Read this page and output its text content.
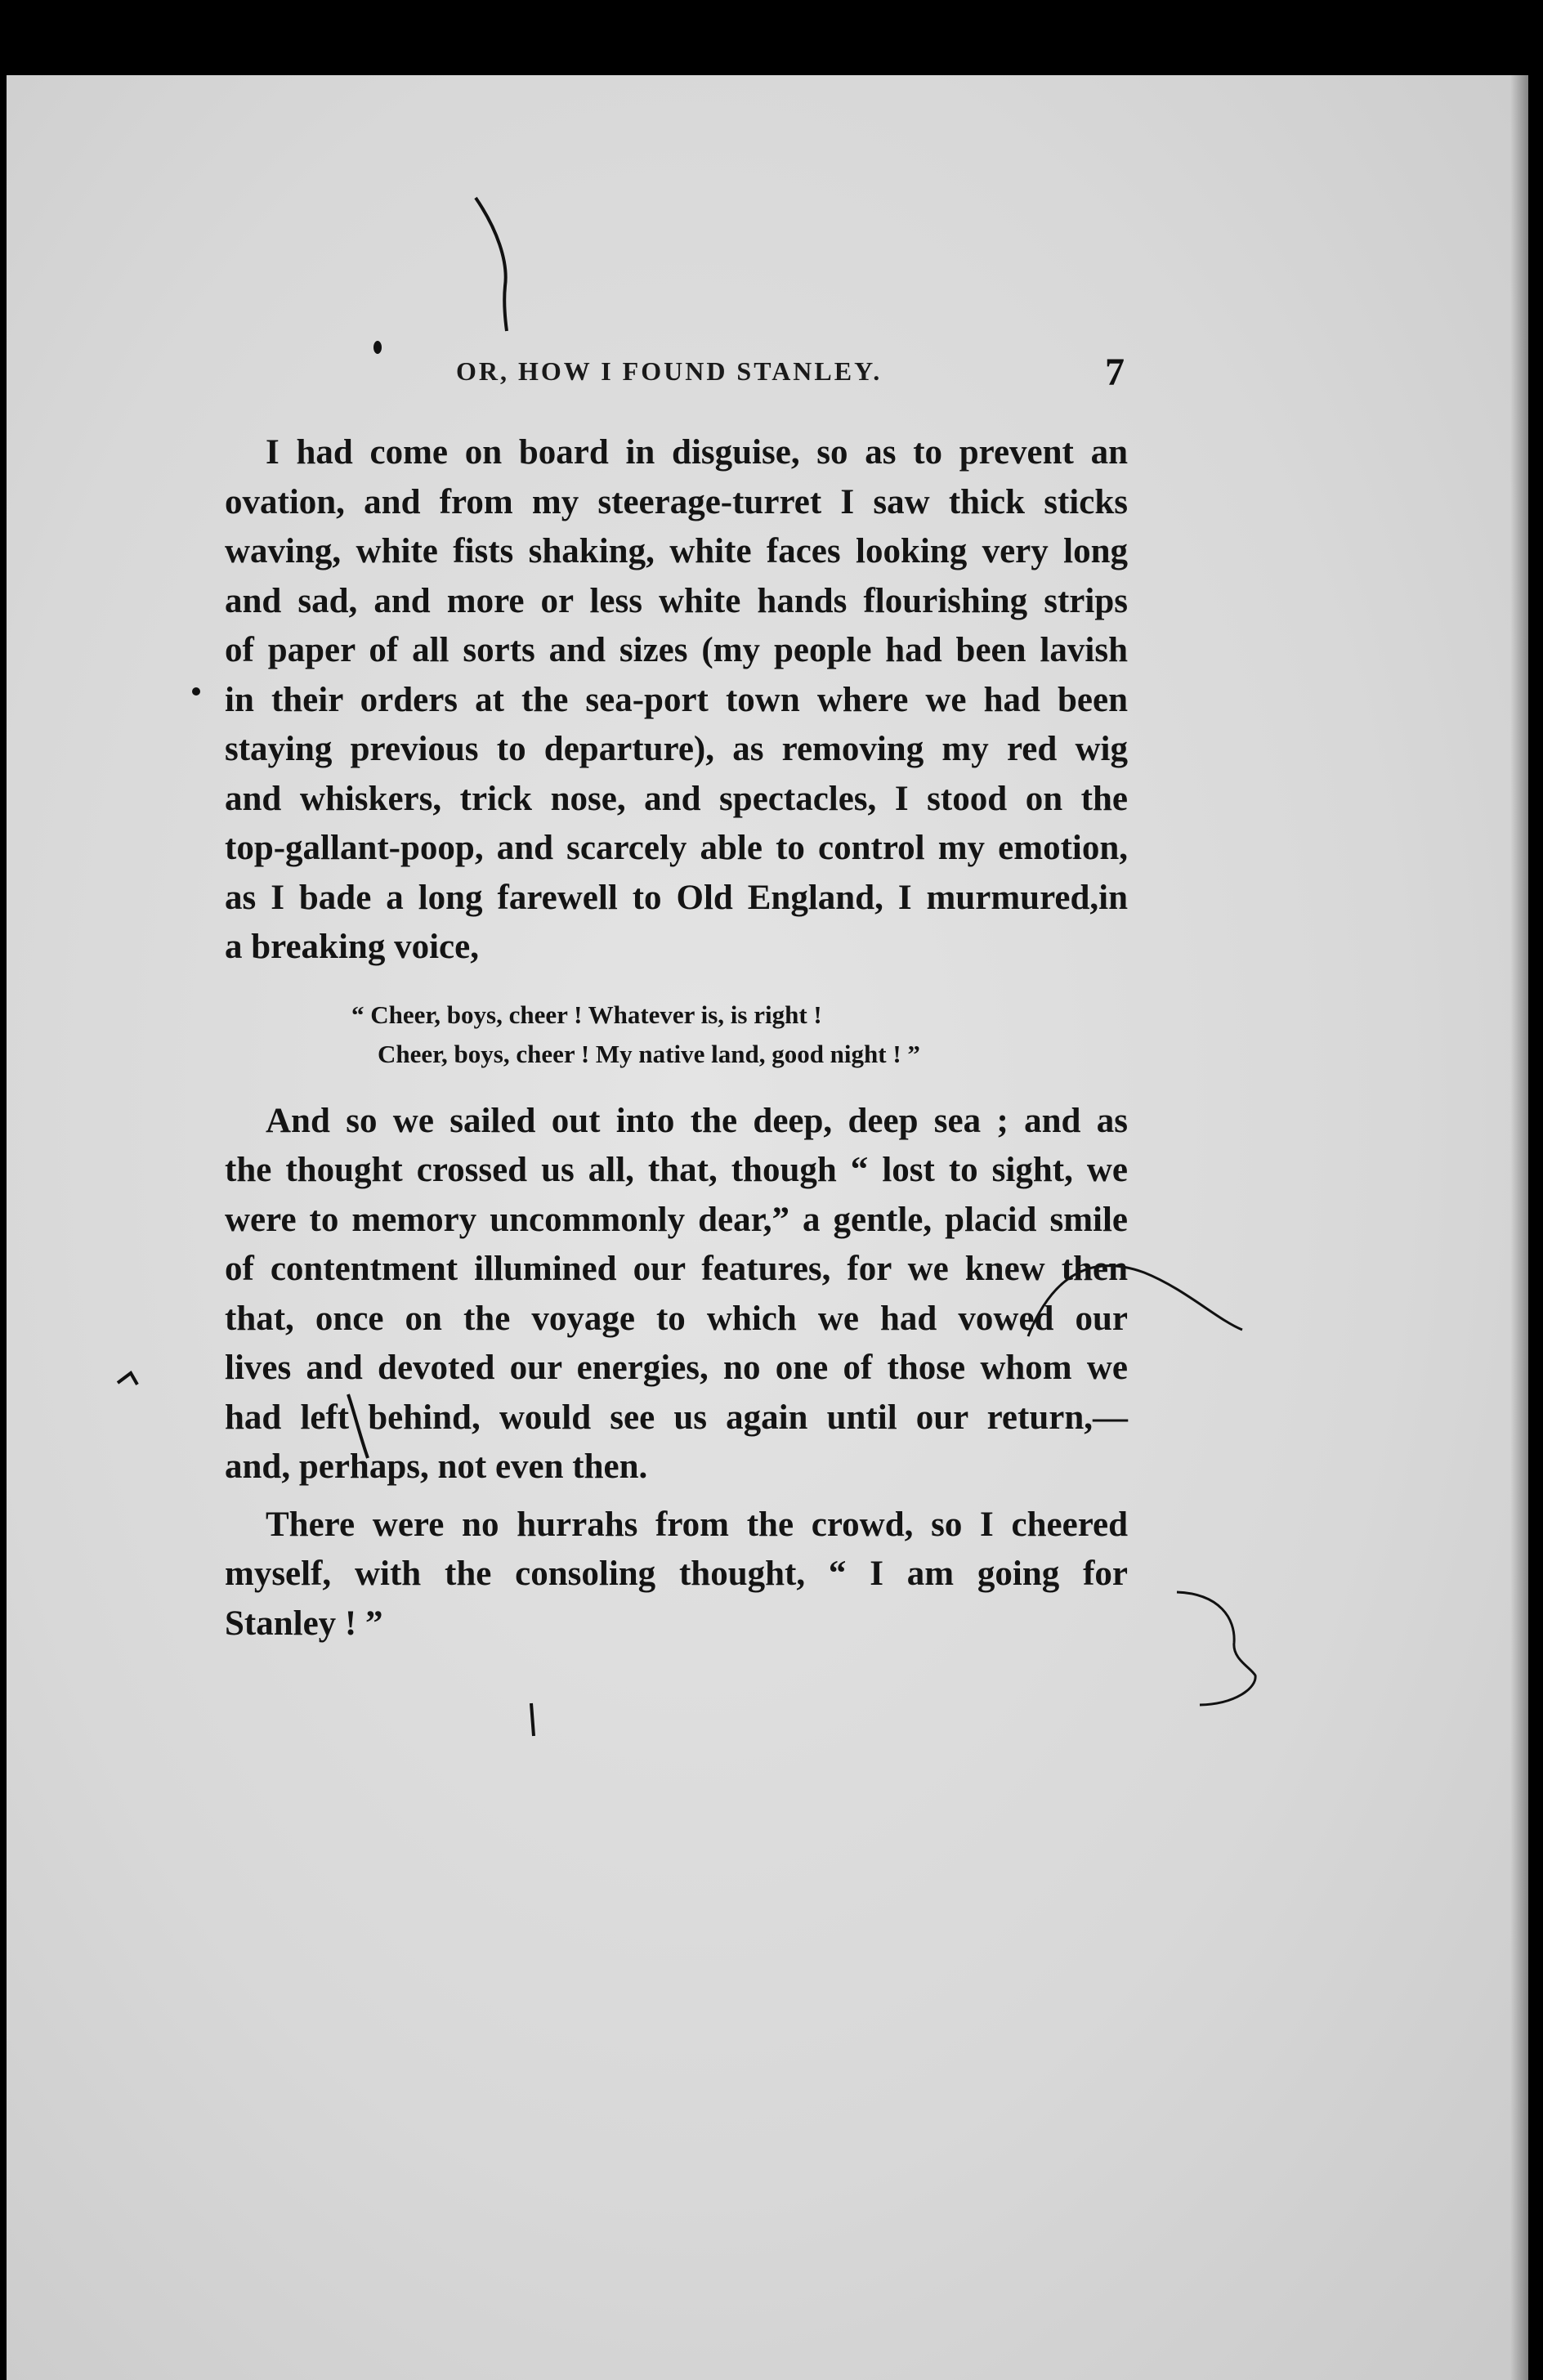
OR, HOW I FOUND STANLEY.	7

I had come on board in disguise, so as to prevent an
ovation, and from my steerage-turret I saw thick sticks
waving, white fists shaking, white faces looking very long
and sad, and more or less white hands flourishing strips
of paper of all sorts and sizes (my people had been lavish
in their orders at the sea-port town where we had been
staying previous to departure), as removing my red wig
and whiskers, trick nose, and spectacles, I stood on the
top-gallant-poop, and scarcely able to control my emotion,
as I bade a long farewell to Old England, I murmured,in
a breaking voice,

“ Cheer, boys, cheer ! Whatever is, is right !
Cheer, boys, cheer ! My native land, good night ! ”

And so we sailed out into the deep, deep sea ; and as
the thought crossed us all, that, though “ lost to sight, we
were to memory uncommonly dear,” a gentle, placid smile
of contentment illumined our features, for we knew then
that, once on the voyage to which we had vowed our
lives and devoted our energies, no one of those whom we
had left behind, would see us again until our return,—
and, perhaps, not even then.

There were no hurrahs from the crowd, so I cheered
myself, with the consoling thought, “ I am going for
Stanley ! ”
